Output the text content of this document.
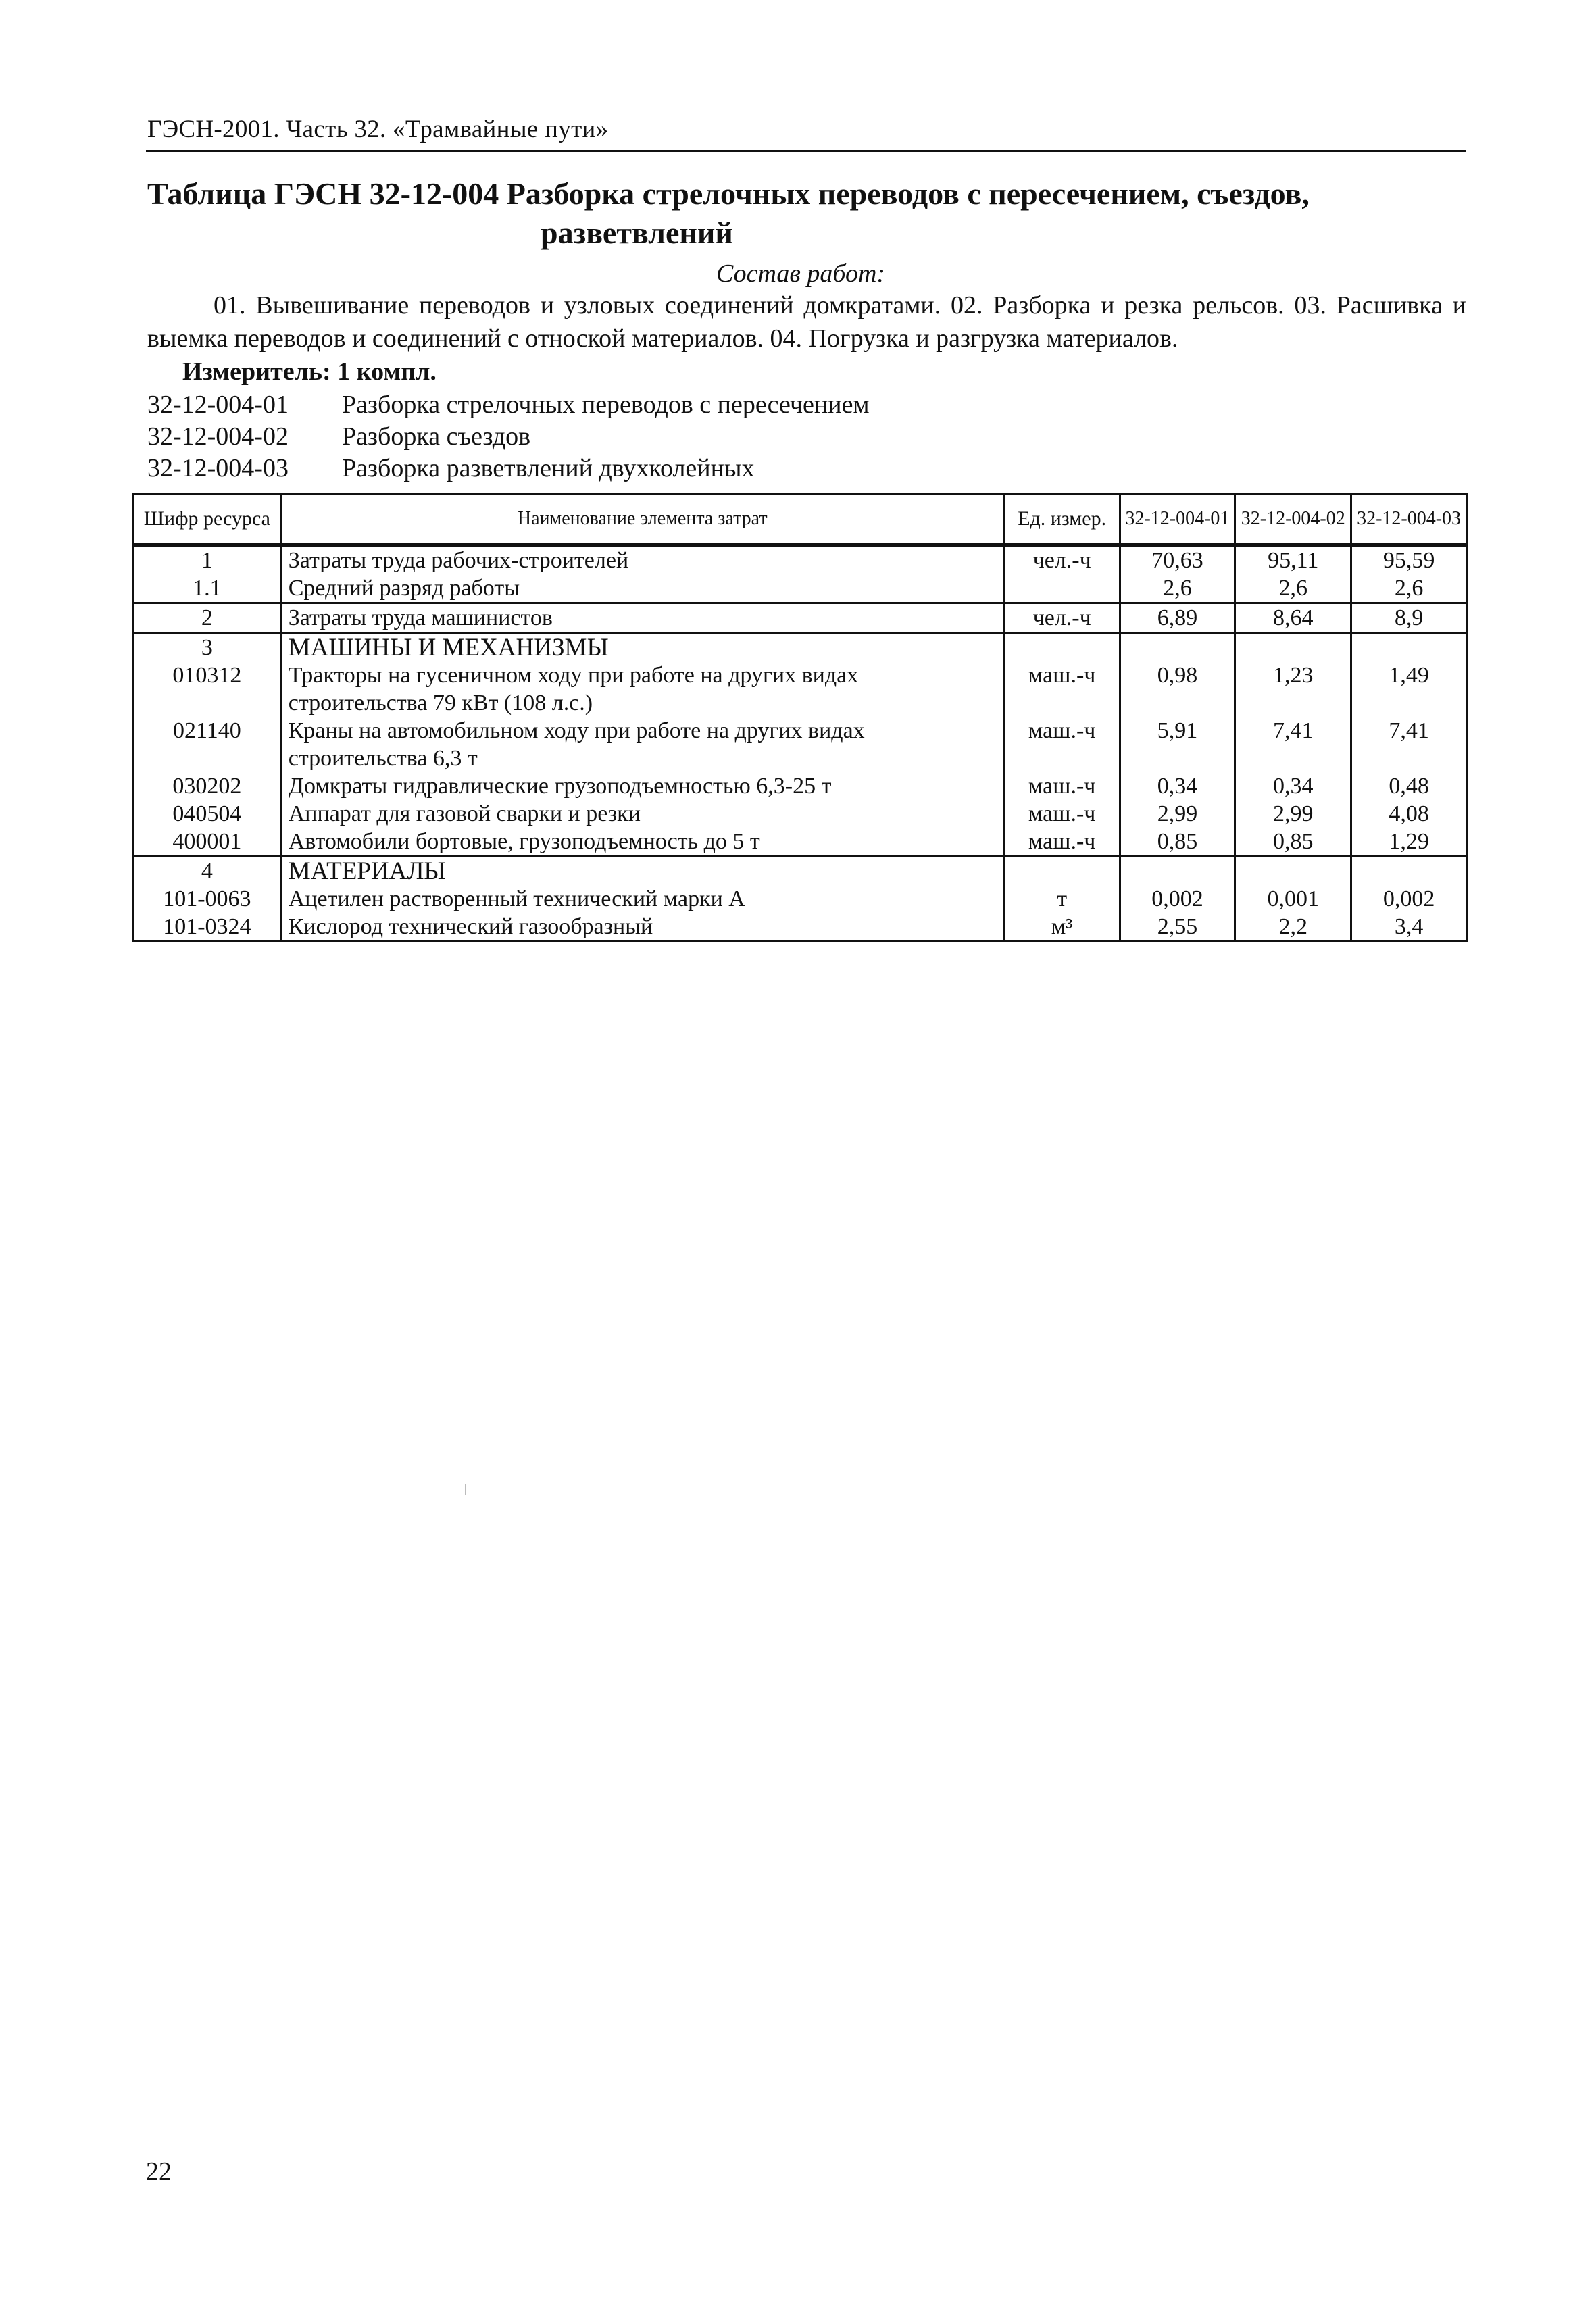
ГЭСН-2001. Часть 32. «Трамвайные пути»
Таблица ГЭСН 32-12-004 Разборка стрелочных переводов с пересечением, съездов,
разветвлений
Состав работ:
01. Вывешивание переводов и узловых соединений домкратами. 02. Разборка и резка рельсов. 03. Расшивка и выемка переводов и соединений с отноской материалов. 04. Погрузка и разгрузка материалов.
Измеритель: 1 компл.
32-12-004-01	Разборка стрелочных переводов с пересечением
32-12-004-02	Разборка съездов
32-12-004-03	Разборка разветвлений двухколейных
Шифр ресурса	Наименование элемента затрат	Ед. измер.	32-12-004-01	32-12-004-02	32-12-004-03
1	Затраты труда рабочих-строителей	чел.-ч	70,63	95,11	95,59
1.1	Средний разряд работы		2,6	2,6	2,6
2	Затраты труда машинистов	чел.-ч	6,89	8,64	8,9
3	МАШИНЫ И МЕХАНИЗМЫ				
010312	Тракторы на гусеничном ходу при работе на других видах строительства 79 кВт (108 л.с.)	маш.-ч	0,98	1,23	1,49
021140	Краны на автомобильном ходу при работе на других видах строительства 6,3 т	маш.-ч	5,91	7,41	7,41
030202	Домкраты гидравлические грузоподъемностью 6,3-25 т	маш.-ч	0,34	0,34	0,48
040504	Аппарат для газовой сварки и резки	маш.-ч	2,99	2,99	4,08
400001	Автомобили бортовые, грузоподъемность до 5 т	маш.-ч	0,85	0,85	1,29
4	МАТЕРИАЛЫ				
101-0063	Ацетилен растворенный технический марки А	т	0,002	0,001	0,002
101-0324	Кислород технический газообразный	м³	2,55	2,2	3,4
22
